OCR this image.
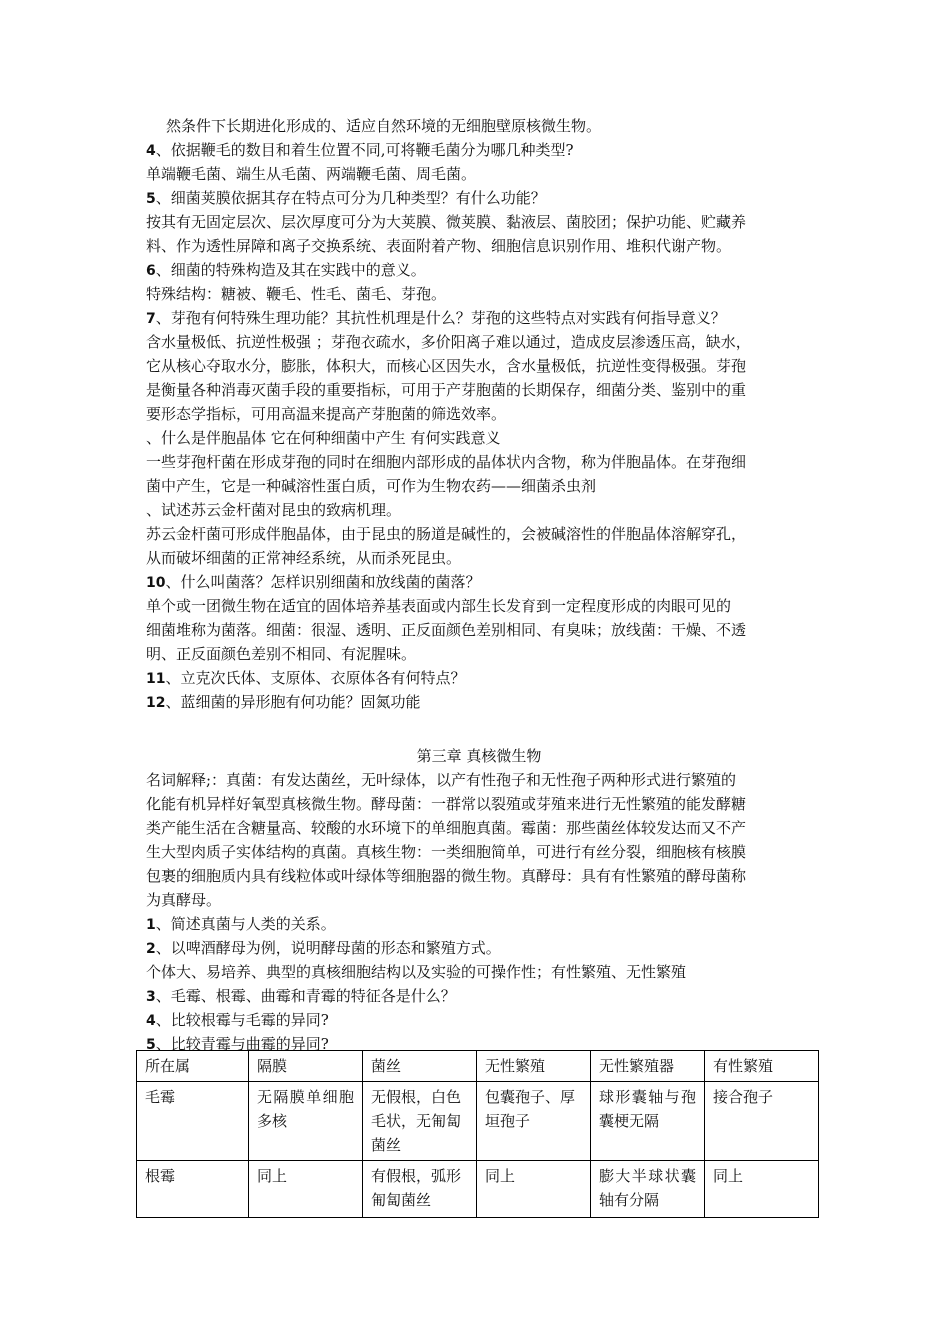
然条件下长期进化形成的、适应自然环境的无细胞壁原核微生物。
4、依据鞭毛的数目和着生位置不同,可将鞭毛菌分为哪几种类型?
单端鞭毛菌、端生从毛菌、两端鞭毛菌、周毛菌。
5、细菌荚膜依据其存在特点可分为几种类型？有什么功能？
按其有无固定层次、层次厚度可分为大荚膜、微荚膜、黏液层、菌胶团；保护功能、贮藏养
料、作为透性屏障和离子交换系统、表面附着产物、细胞信息识别作用、堆积代谢产物。
6、细菌的特殊构造及其在实践中的意义。
特殊结构：糖被、鞭毛、性毛、菌毛、芽孢。
7、芽孢有何特殊生理功能？其抗性机理是什么？芽孢的这些特点对实践有何指导意义？
含水量极低、抗逆性极强 ；芽孢衣疏水，多价阳离子难以通过，造成皮层渗透压高，缺水，
它从核心夺取水分，膨胀，体积大，而核心区因失水，含水量极低，抗逆性变得极强。芽孢
是衡量各种消毒灭菌手段的重要指标，可用于产芽胞菌的长期保存，细菌分类、鉴别中的重
要形态学指标，可用高温来提高产芽胞菌的筛选效率。
、什么是伴胞晶体 它在何种细菌中产生 有何实践意义
一些芽孢杆菌在形成芽孢的同时在细胞内部形成的晶体状内含物，称为伴胞晶体。在芽孢细
菌中产生，它是一种碱溶性蛋白质，可作为生物农药——细菌杀虫剂
、试述苏云金杆菌对昆虫的致病机理。
苏云金杆菌可形成伴胞晶体，由于昆虫的肠道是碱性的，会被碱溶性的伴胞晶体溶解穿孔，
从而破坏细菌的正常神经系统，从而杀死昆虫。
10、什么叫菌落？怎样识别细菌和放线菌的菌落？
单个或一团微生物在适宜的固体培养基表面或内部生长发育到一定程度形成的肉眼可见的
细菌堆称为菌落。细菌：很湿、透明、正反面颜色差别相同、有臭味；放线菌：干燥、不透
明、正反面颜色差别不相同、有泥腥味。
11、立克次氏体、支原体、衣原体各有何特点？
12、蓝细菌的异形胞有何功能？固氮功能
第三章 真核微生物
名词解释;：真菌：有发达菌丝，无叶绿体，以产有性孢子和无性孢子两种形式进行繁殖的
化能有机异样好氧型真核微生物。酵母菌：一群常以裂殖或芽殖来进行无性繁殖的能发酵糖
类产能生活在含糖量高、较酸的水环境下的单细胞真菌。霉菌：那些菌丝体较发达而又不产
生大型肉质子实体结构的真菌。真核生物：一类细胞简单，可进行有丝分裂，细胞核有核膜
包裹的细胞质内具有线粒体或叶绿体等细胞器的微生物。真酵母：具有有性繁殖的酵母菌称
为真酵母。
1、简述真菌与人类的关系。
2、以啤酒酵母为例，说明酵母菌的形态和繁殖方式。
个体大、易培养、典型的真核细胞结构以及实验的可操作性；有性繁殖、无性繁殖
3、毛霉、根霉、曲霉和青霉的特征各是什么？
4、比较根霉与毛霉的异同?
5、比较青霉与曲霉的异同?
所在属	隔膜	菌丝	无性繁殖	无性繁殖器	有性繁殖
毛霉	无隔膜单细胞多核	无假根，白色毛状，无匍匐菌丝	包囊孢子、厚垣孢子	球形囊轴与孢囊梗无隔	接合孢子
根霉	同上	有假根，弧形匍匐菌丝	同上	膨大半球状囊轴有分隔	同上
